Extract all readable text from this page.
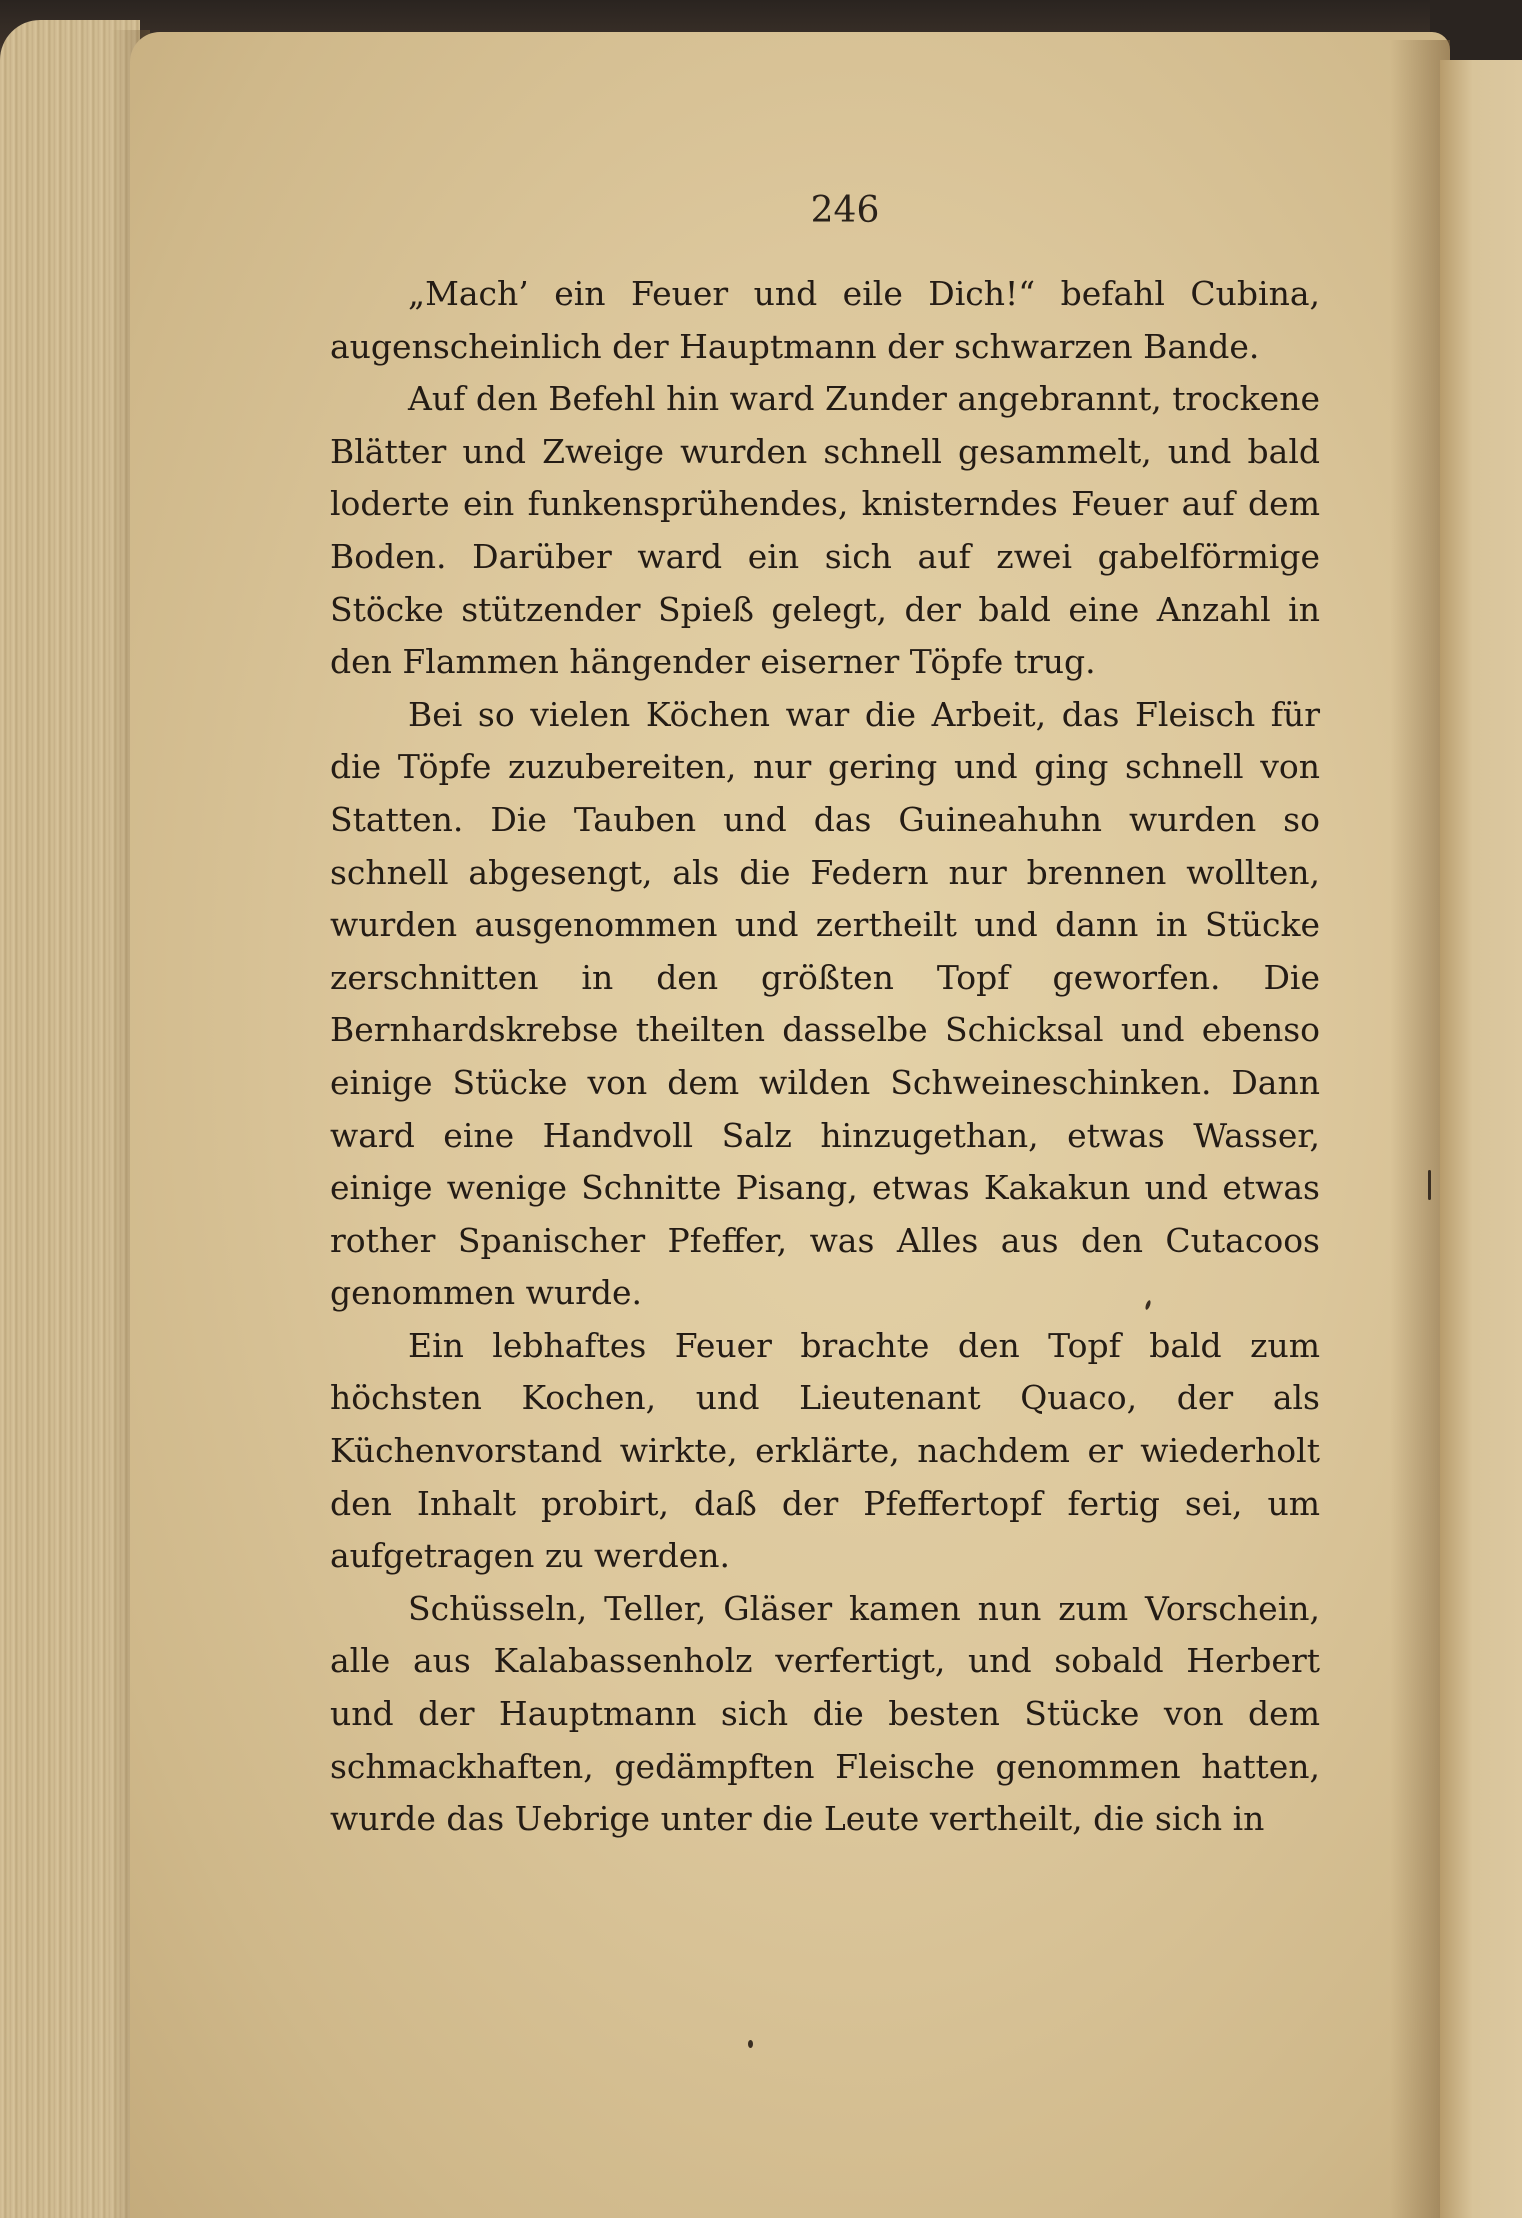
246

„Mach’ ein Feuer und eile Dich!“ befahl Cubina, augenscheinlich der Hauptmann der schwarzen Bande.

Auf den Befehl hin ward Zunder angebrannt, trockene Blätter und Zweige wurden schnell gesammelt, und bald loderte ein funkensprühendes, knisterndes Feuer auf dem Boden. Darüber ward ein sich auf zwei gabelförmige Stöcke stützender Spieß gelegt, der bald eine Anzahl in den Flammen hängender eiserner Töpfe trug.

Bei so vielen Köchen war die Arbeit, das Fleisch für die Töpfe zuzubereiten, nur gering und ging schnell von Statten. Die Tauben und das Guineahuhn wurden so schnell abgesengt, als die Federn nur brennen wollten, wurden ausgenommen und zertheilt und dann in Stücke zerschnitten in den größten Topf geworfen. Die Bernhardskrebse theilten dasselbe Schicksal und ebenso einige Stücke von dem wilden Schweineschinken. Dann ward eine Handvoll Salz hinzugethan, etwas Wasser, einige wenige Schnitte Pisang, etwas Kakakun und etwas rother Spanischer Pfeffer, was Alles aus den Cutacoos genommen wurde.

Ein lebhaftes Feuer brachte den Topf bald zum höchsten Kochen, und Lieutenant Quaco, der als Küchenvorstand wirkte, erklärte, nachdem er wiederholt den Inhalt probirt, daß der Pfeffertopf fertig sei, um aufgetragen zu werden.

Schüsseln, Teller, Gläser kamen nun zum Vorschein, alle aus Kalabassenholz verfertigt, und sobald Herbert und der Hauptmann sich die besten Stücke von dem schmackhaften, gedämpften Fleische genommen hatten, wurde das Uebrige unter die Leute vertheilt, die sich in
